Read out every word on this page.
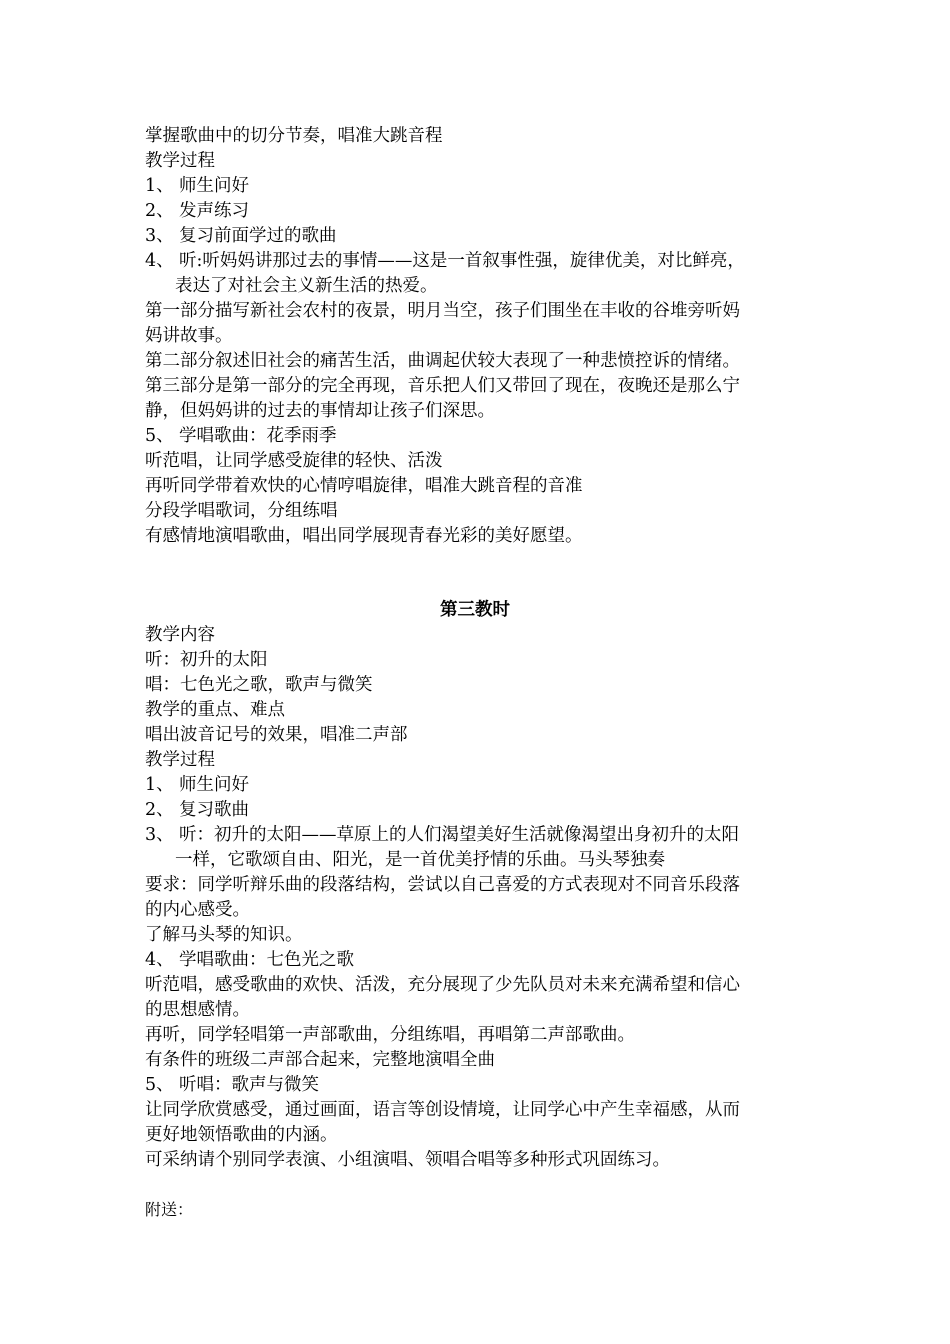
掌握歌曲中的切分节奏，唱准大跳音程
教学过程
1、 师生问好
2、 发声练习
3、 复习前面学过的歌曲
4、 听:听妈妈讲那过去的事情——这是一首叙事性强，旋律优美，对比鲜亮，
表达了对社会主义新生活的热爱。
第一部分描写新社会农村的夜景，明月当空，孩子们围坐在丰收的谷堆旁听妈
妈讲故事。
第二部分叙述旧社会的痛苦生活，曲调起伏较大表现了一种悲愤控诉的情绪。
第三部分是第一部分的完全再现，音乐把人们又带回了现在，夜晚还是那么宁
静，但妈妈讲的过去的事情却让孩子们深思。
5、 学唱歌曲：花季雨季
听范唱，让同学感受旋律的轻快、活泼
再听同学带着欢快的心情哼唱旋律，唱准大跳音程的音准
分段学唱歌词，分组练唱
有感情地演唱歌曲，唱出同学展现青春光彩的美好愿望。
第三教时
教学内容
听：初升的太阳
唱：七色光之歌，歌声与微笑
教学的重点、难点
唱出波音记号的效果，唱准二声部
教学过程
1、 师生问好
2、 复习歌曲
3、 听：初升的太阳——草原上的人们渴望美好生活就像渴望出身初升的太阳
一样，它歌颂自由、阳光，是一首优美抒情的乐曲。马头琴独奏
要求：同学听辩乐曲的段落结构，尝试以自己喜爱的方式表现对不同音乐段落
的内心感受。
了解马头琴的知识。
4、 学唱歌曲：七色光之歌
听范唱，感受歌曲的欢快、活泼，充分展现了少先队员对未来充满希望和信心
的思想感情。
再听，同学轻唱第一声部歌曲，分组练唱，再唱第二声部歌曲。
有条件的班级二声部合起来，完整地演唱全曲
5、 听唱：歌声与微笑
让同学欣赏感受，通过画面，语言等创设情境，让同学心中产生幸福感，从而
更好地领悟歌曲的内涵。
可采纳请个别同学表演、小组演唱、领唱合唱等多种形式巩固练习。
附送：
